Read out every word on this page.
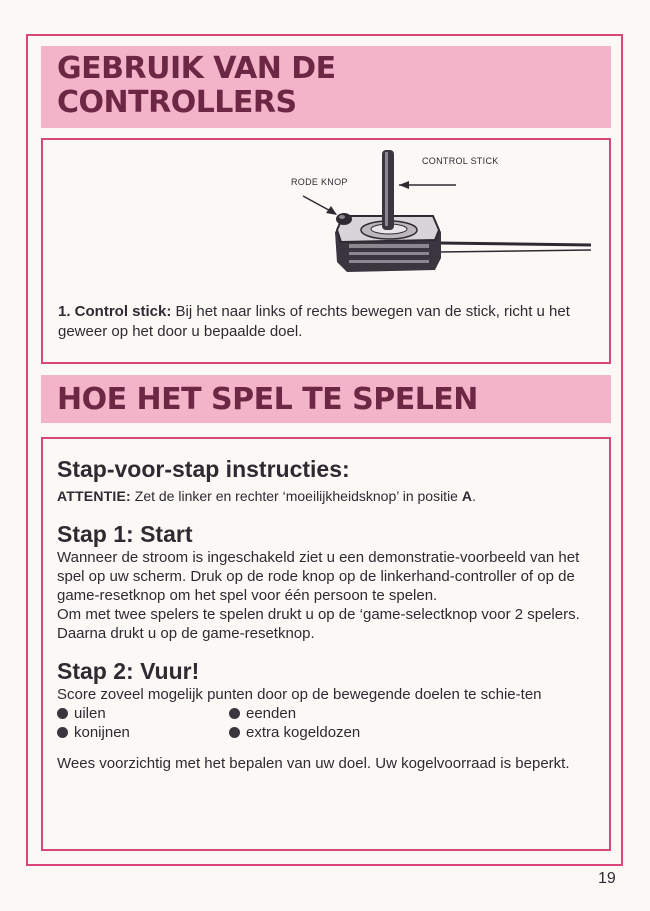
GEBRUIK VAN DE
CONTROLLERS
CONTROL STICK
RODE KNOP
1. Control stick: Bij het naar links of rechts bewegen van de stick, richt u het geweer op het door u bepaalde doel.
HOE HET SPEL TE SPELEN
Stap-voor-stap instructies:
ATTENTIE: Zet de linker en rechter ‘moeilijkheidsknop’ in positie A.
Stap 1: Start
Wanneer de stroom is ingeschakeld ziet u een demonstratie-voorbeeld van het spel op uw scherm. Druk op de rode knop op de linkerhand-controller of op de game-resetknop om het spel voor één persoon te spelen.
Om met twee spelers te spelen drukt u op de ‘game-selectknop voor 2 spelers. Daarna drukt u op de game-resetknop.
Stap 2: Vuur!
Score zoveel mogelijk punten door op de bewegende doelen te schie-ten
uilen	eenden
konijnen	extra kogeldozen
Wees voorzichtig met het bepalen van uw doel. Uw kogelvoorraad is beperkt.
19
